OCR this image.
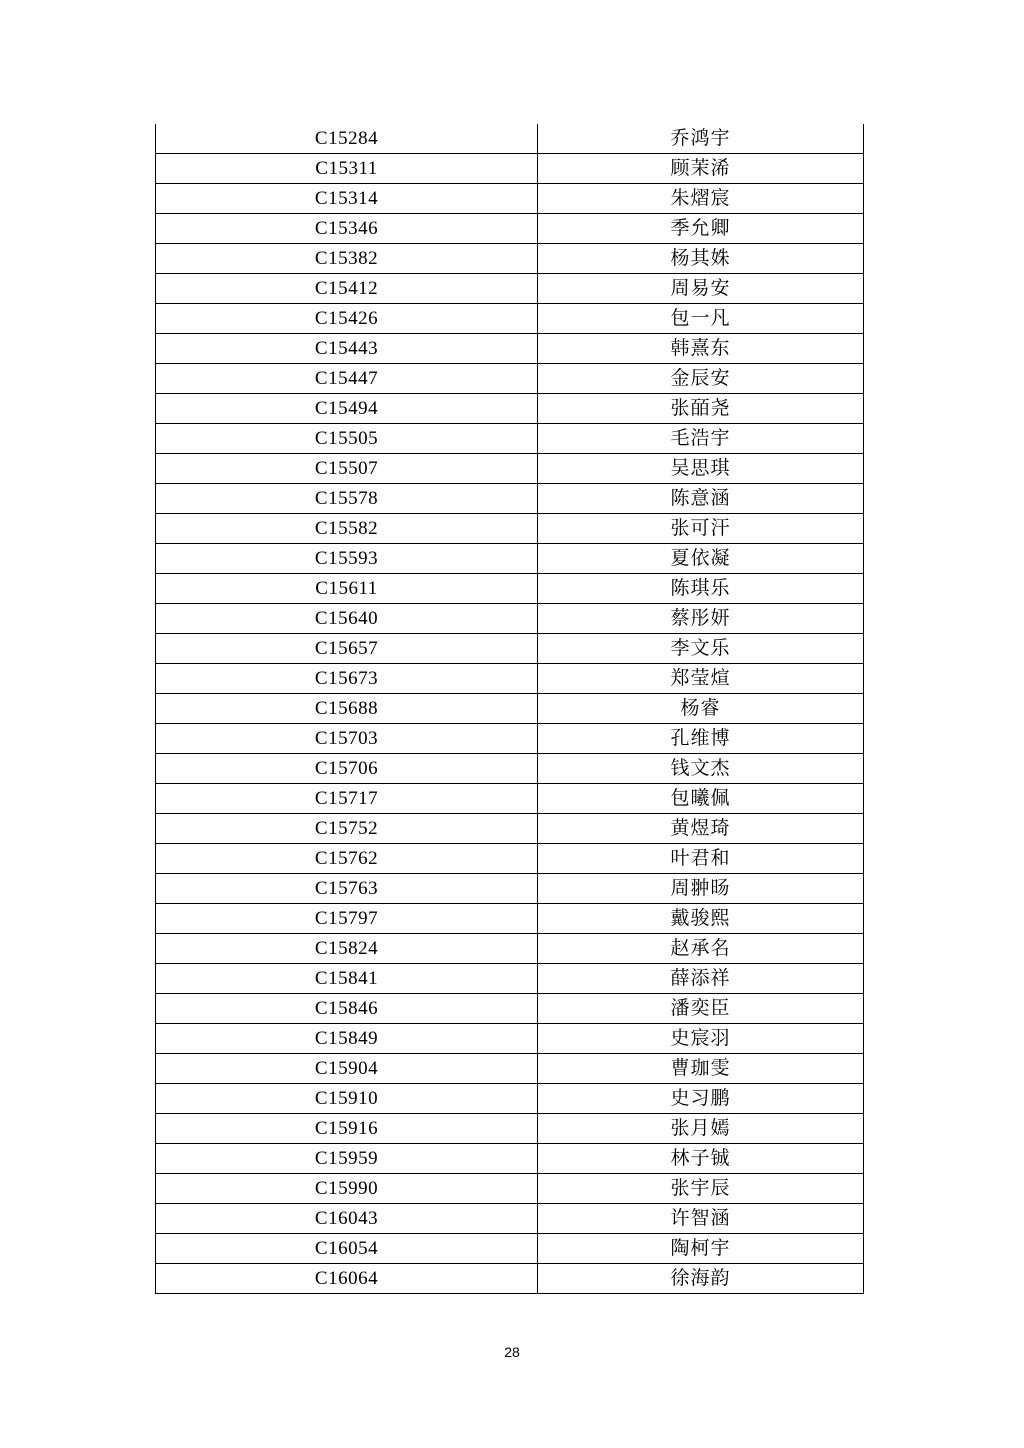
C15284	乔鸿宇
C15311	顾茉浠
C15314	朱熠宸
C15346	季允卿
C15382	杨其姝
C15412	周易安
C15426	包一凡
C15443	韩熹东
C15447	金辰安
C15494	张皕尧
C15505	毛浩宇
C15507	吴思琪
C15578	陈意涵
C15582	张可汗
C15593	夏依凝
C15611	陈琪乐
C15640	蔡彤妍
C15657	李文乐
C15673	郑莹煊
C15688	杨睿
C15703	孔维博
C15706	钱文杰
C15717	包曦佩
C15752	黄煜琦
C15762	叶君和
C15763	周翀旸
C15797	戴骏熙
C15824	赵承名
C15841	薛添祥
C15846	潘奕臣
C15849	史宸羽
C15904	曹珈雯
C15910	史习鹏
C15916	张月嫣
C15959	林子铖
C15990	张宇辰
C16043	许智涵
C16054	陶柯宇
C16064	徐海韵
28
